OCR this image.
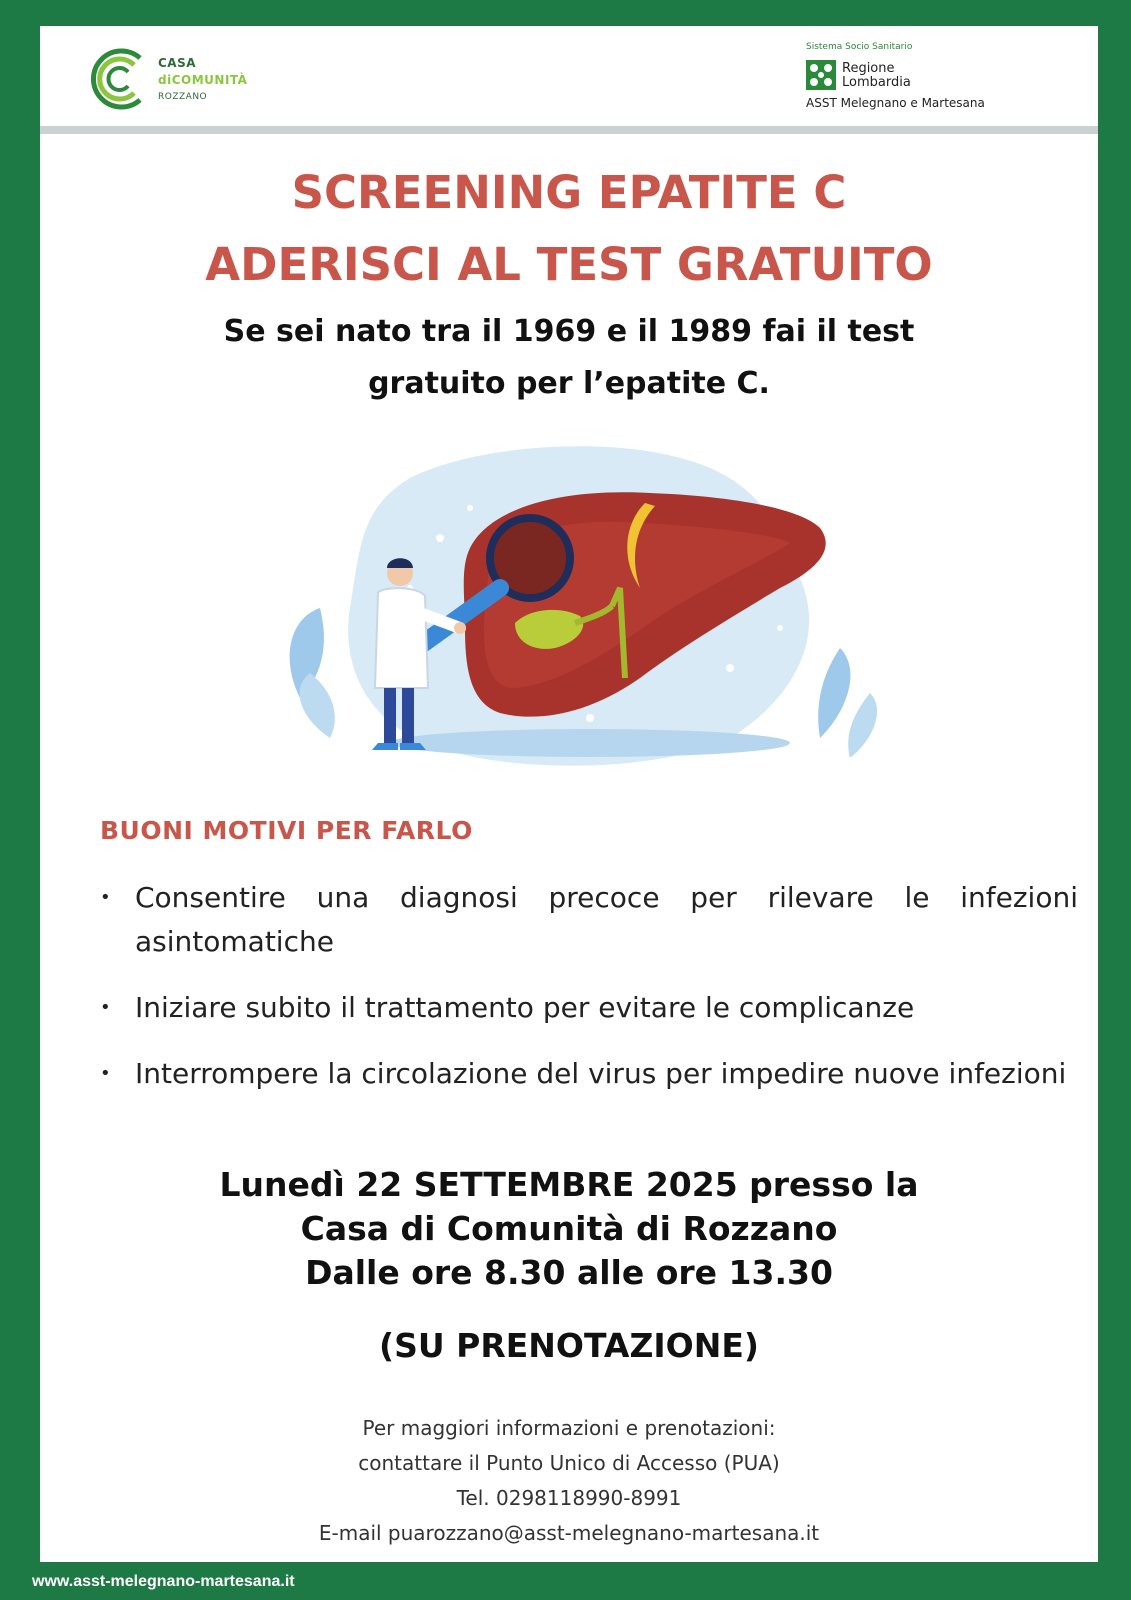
CASA
diCOMUNITÀ
ROZZANO
Sistema Socio Sanitario
Regione
Lombardia
ASST Melegnano e Martesana
SCREENING EPATITE C
ADERISCI AL TEST GRATUITO
Se sei nato tra il 1969 e il 1989 fai il test
gratuito per l’epatite C.
BUONI MOTIVI PER FARLO
• Consentire una diagnosi precoce per rilevare le infezioni asintomatiche
• Iniziare subito il trattamento per evitare le complicanze
• Interrompere la circolazione del virus per impedire nuove infezioni
Lunedì 22 SETTEMBRE 2025 presso la
Casa di Comunità di Rozzano
Dalle ore 8.30 alle ore 13.30
(SU PRENOTAZIONE)
Per maggiori informazioni e prenotazioni:
contattare il Punto Unico di Accesso (PUA)
Tel. 0298118990-8991
E-mail puarozzano@asst-melegnano-martesana.it
www.asst-melegnano-martesana.it
